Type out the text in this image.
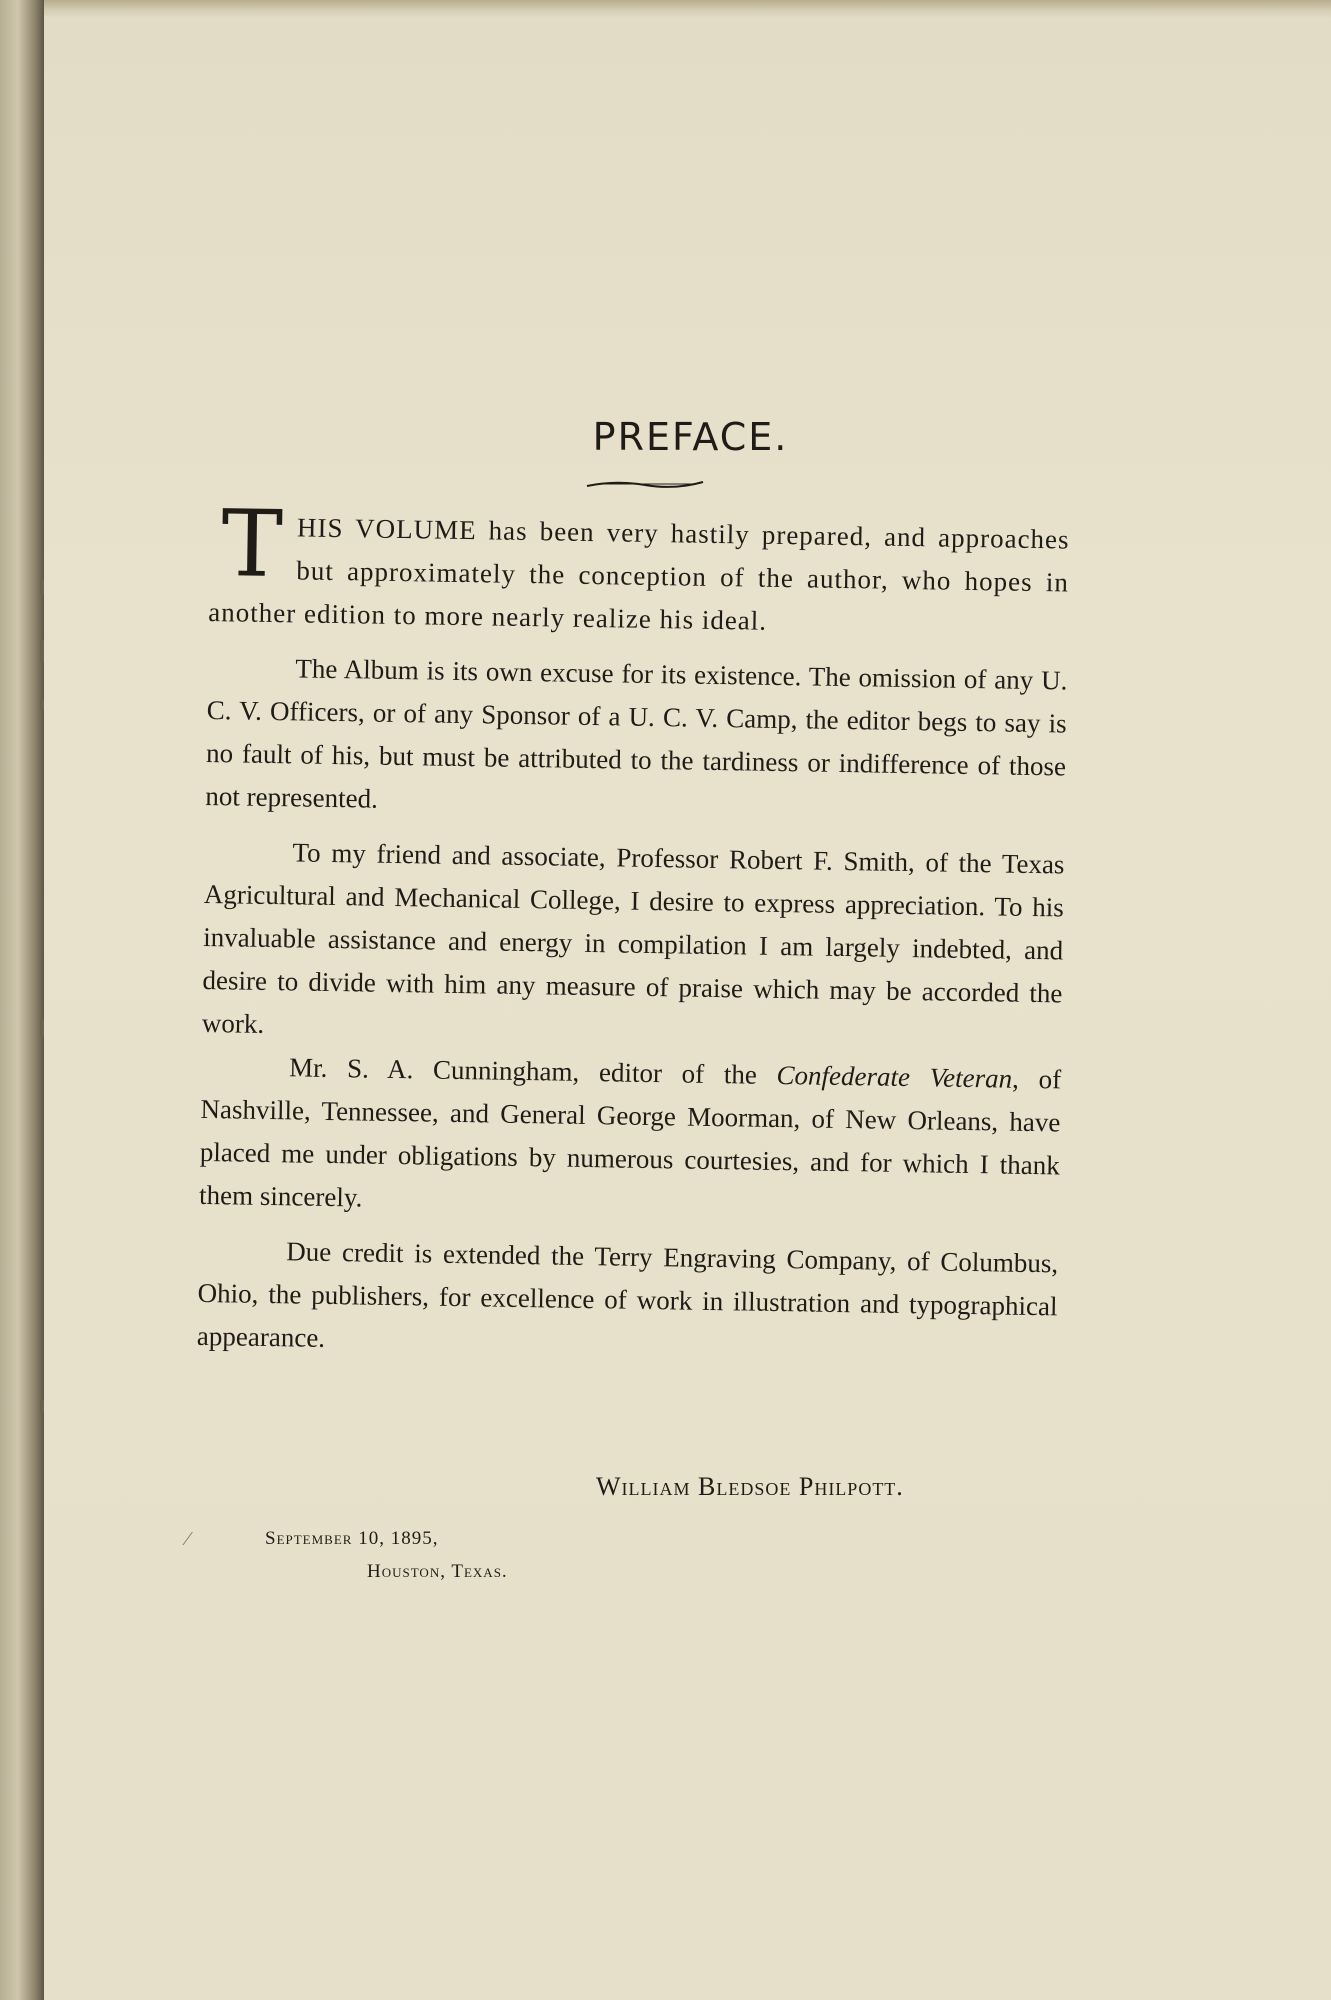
PREFACE.

THIS VOLUME has been very hastily prepared, and approaches but approximately the conception of the author, who hopes in another edition to more nearly realize his ideal.

The Album is its own excuse for its existence. The omission of any U. C. V. Officers, or of any Sponsor of a U. C. V. Camp, the editor begs to say is no fault of his, but must be attributed to the tardiness or indifference of those not represented.

To my friend and associate, Professor Robert F. Smith, of the Texas Agricultural and Mechanical College, I desire to express appreciation. To his invaluable assistance and energy in compilation I am largely indebted, and desire to divide with him any measure of praise which may be accorded the work.

Mr. S. A. Cunningham, editor of the Confederate Veteran, of Nashville, Tennessee, and General George Moorman, of New Orleans, have placed me under obligations by numerous courtesies, and for which I thank them sincerely.

Due credit is extended the Terry Engraving Company, of Columbus, Ohio, the publishers, for excellence of work in illustration and typographical appearance.

William Bledsoe Philpott.
⁄	September 10, 1895,
Houston, Texas.
